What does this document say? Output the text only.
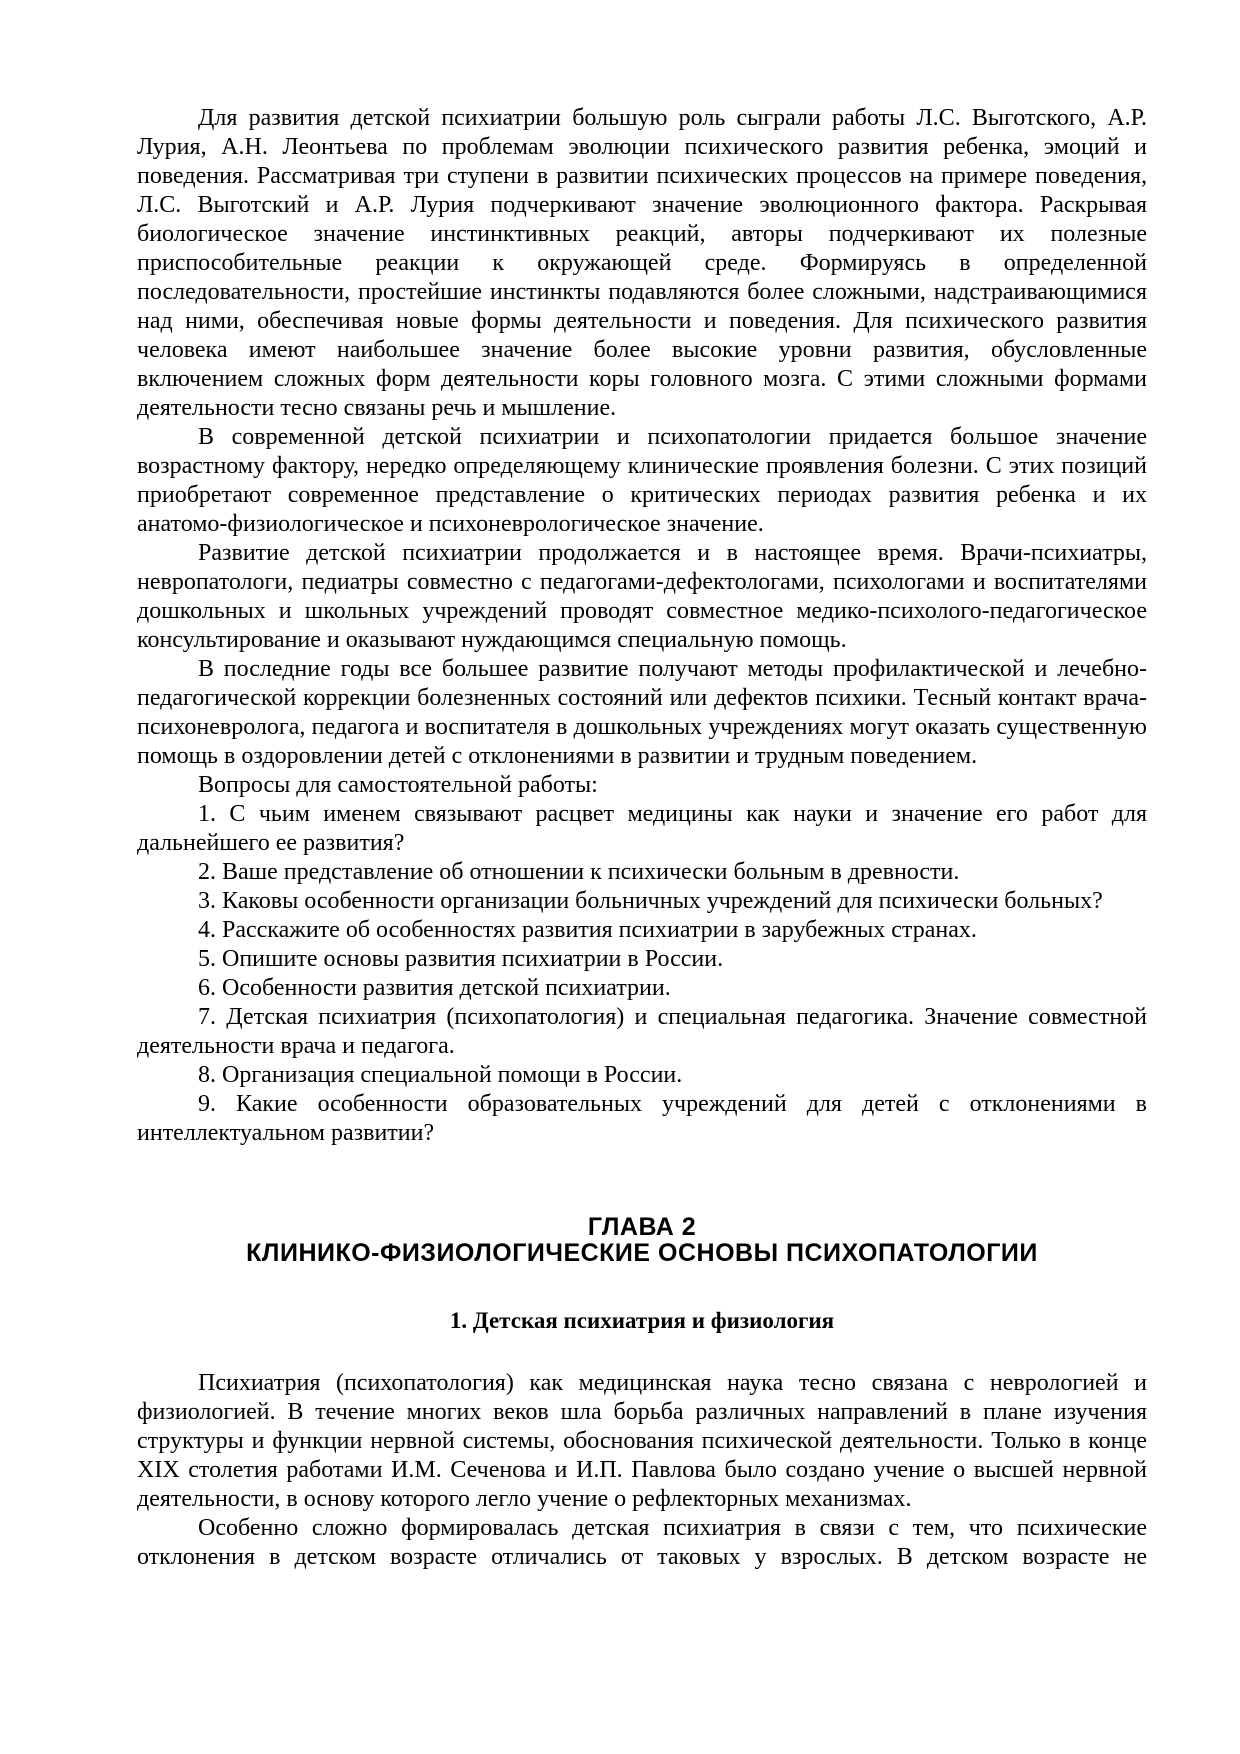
Для развития детской психиатрии большую роль сыграли работы Л.С. Выготского, А.Р. Лурия, А.Н. Леонтьева по проблемам эволюции психического развития ребенка, эмоций и поведения. Рассматривая три ступени в развитии психических процессов на примере поведения, Л.С. Выготский и А.Р. Лурия подчеркивают значение эволюционного фактора. Раскрывая биологическое значение инстинктивных реакций, авторы подчеркивают их полезные приспособительные реакции к окружающей среде. Формируясь в определенной последовательности, простейшие инстинкты подавляются более сложными, надстраивающимися над ними, обеспечивая новые формы деятельности и поведения. Для психического развития человека имеют наибольшее значение более высокие уровни развития, обусловленные включением сложных форм деятельности коры головного мозга. С этими сложными формами деятельности тесно связаны речь и мышление.

В современной детской психиатрии и психопатологии придается большое значение возрастному фактору, нередко определяющему клинические проявления болезни. С этих позиций приобретают современное представление о критических периодах развития ребенка и их анатомо-физиологическое и психоневрологическое значение.

Развитие детской психиатрии продолжается и в настоящее время. Врачи-психиатры, невропатологи, педиатры совместно с педагогами-дефектологами, психологами и воспитателями дошкольных и школьных учреждений проводят совместное медико-психолого-педагогическое консультирование и оказывают нуждающимся специальную помощь.

В последние годы все большее развитие получают методы профилактической и лечебно-педагогической коррекции болезненных состояний или дефектов психики. Тесный контакт врача-психоневролога, педагога и воспитателя в дошкольных учреждениях могут оказать существенную помощь в оздоровлении детей с отклонениями в развитии и трудным поведением.

Вопросы для самостоятельной работы:

1. С чьим именем связывают расцвет медицины как науки и значение его работ для дальнейшего ее развития?

2. Ваше представление об отношении к психически больным в древности.

3. Каковы особенности организации больничных учреждений для психически больных?

4. Расскажите об особенностях развития психиатрии в зарубежных странах.

5. Опишите основы развития психиатрии в России.

6. Особенности развития детской психиатрии.

7. Детская психиатрия (психопатология) и специальная педагогика. Значение совместной деятельности врача и педагога.

8. Организация специальной помощи в России.

9. Какие особенности образовательных учреждений для детей с отклонениями в интеллектуальном развитии?

ГЛАВА 2
КЛИНИКО-ФИЗИОЛОГИЧЕСКИЕ ОСНОВЫ ПСИХОПАТОЛОГИИ
1. Детская психиатрия и физиология

Психиатрия (психопатология) как медицинская наука тесно связана с неврологией и физиологией. В течение многих веков шла борьба различных направлений в плане изучения структуры и функции нервной системы, обоснования психической деятельности. Только в конце XIX столетия работами И.М. Сеченова и И.П. Павлова было создано учение о высшей нервной деятельности, в основу которого легло учение о рефлекторных механизмах.

Особенно сложно формировалась детская психиатрия в связи с тем, что психические отклонения в детском возрасте отличались от таковых у взрослых. В детском возрасте не
